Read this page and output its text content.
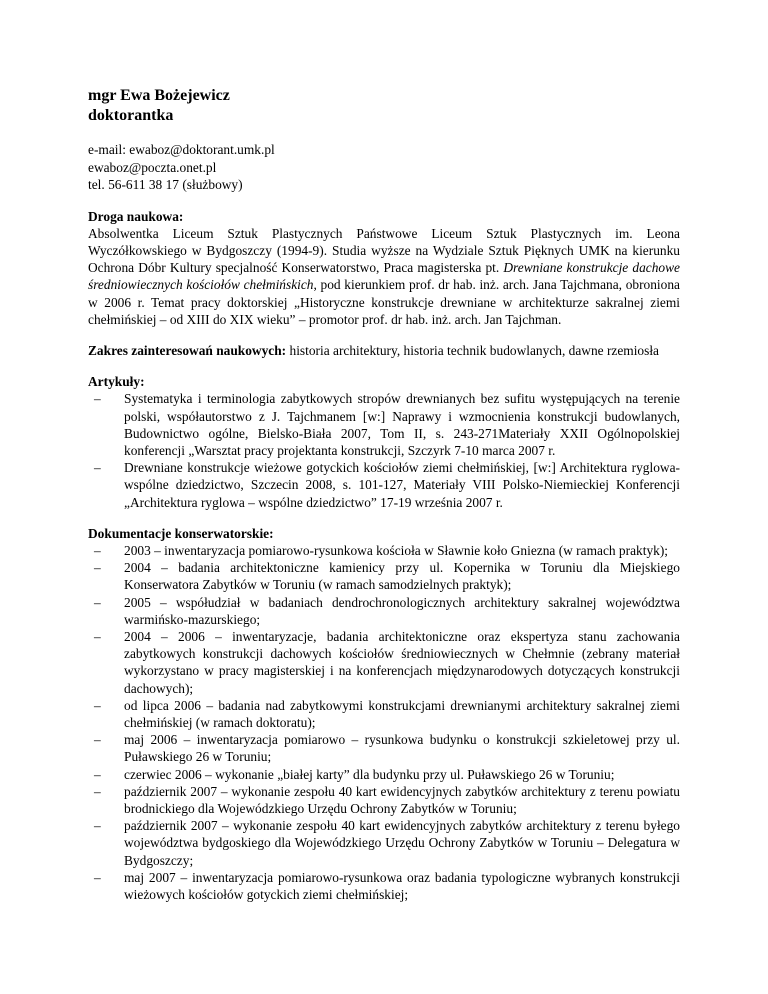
mgr Ewa Bożejewicz
doktorantka
e-mail: ewaboz@doktorant.umk.pl
ewaboz@poczta.onet.pl
tel. 56-611 38 17 (służbowy)
Droga naukowa:
Absolwentka Liceum Sztuk Plastycznych Państwowe Liceum Sztuk Plastycznych im. Leona Wyczółkowskiego w Bydgoszczy (1994-9). Studia wyższe na Wydziale Sztuk Pięknych UMK na kierunku Ochrona Dóbr Kultury specjalność Konserwatorstwo, Praca magisterska pt. Drewniane konstrukcje dachowe średniowiecznych kościołów chełmińskich, pod kierunkiem prof. dr hab. inż. arch. Jana Tajchmana, obroniona w 2006 r. Temat pracy doktorskiej „Historyczne konstrukcje drewniane w architekturze sakralnej ziemi chełmińskiej – od XIII do XIX wieku” – promotor prof. dr hab. inż. arch. Jan Tajchman.
Zakres zainteresowań naukowych: historia architektury, historia technik budowlanych, dawne rzemiosła
Artykuły:
– Systematyka i terminologia zabytkowych stropów drewnianych bez sufitu występujących na terenie polski, współautorstwo z J. Tajchmanem [w:] Naprawy i wzmocnienia konstrukcji budowlanych, Budownictwo ogólne, Bielsko-Biała 2007, Tom II, s. 243-271Materiały XXII Ogólnopolskiej konferencji „Warsztat pracy projektanta konstrukcji, Szczyrk 7-10 marca 2007 r.
– Drewniane konstrukcje wieżowe gotyckich kościołów ziemi chełmińskiej, [w:] Architektura ryglowa-wspólne dziedzictwo, Szczecin 2008, s. 101-127, Materiały VIII Polsko-Niemieckiej Konferencji „Architektura ryglowa – wspólne dziedzictwo” 17-19 września 2007 r.
Dokumentacje konserwatorskie:
– 2003 – inwentaryzacja pomiarowo-rysunkowa kościoła w Sławnie koło Gniezna (w ramach praktyk);
– 2004 – badania architektoniczne kamienicy przy ul. Kopernika w Toruniu dla Miejskiego Konserwatora Zabytków w Toruniu (w ramach samodzielnych praktyk);
– 2005 – współudział w badaniach dendrochronologicznych architektury sakralnej województwa warmińsko-mazurskiego;
– 2004 – 2006 – inwentaryzacje, badania architektoniczne oraz ekspertyza stanu zachowania zabytkowych konstrukcji dachowych kościołów średniowiecznych w Chełmnie (zebrany materiał wykorzystano w pracy magisterskiej i na konferencjach międzynarodowych dotyczących konstrukcji dachowych);
– od lipca 2006 – badania nad zabytkowymi konstrukcjami drewnianymi architektury sakralnej ziemi chełmińskiej (w ramach doktoratu);
– maj 2006 – inwentaryzacja pomiarowo – rysunkowa budynku o konstrukcji szkieletowej przy ul. Puławskiego 26 w Toruniu;
– czerwiec 2006 – wykonanie „białej karty” dla budynku przy ul. Puławskiego 26 w Toruniu;
– październik 2007 – wykonanie zespołu 40 kart ewidencyjnych zabytków architektury z terenu powiatu brodnickiego dla Wojewódzkiego Urzędu Ochrony Zabytków w Toruniu;
– październik 2007 – wykonanie zespołu 40 kart ewidencyjnych zabytków architektury z terenu byłego województwa bydgoskiego dla Wojewódzkiego Urzędu Ochrony Zabytków w Toruniu – Delegatura w Bydgoszczy;
– maj 2007 – inwentaryzacja pomiarowo-rysunkowa oraz badania typologiczne wybranych konstrukcji wieżowych kościołów gotyckich ziemi chełmińskiej;
